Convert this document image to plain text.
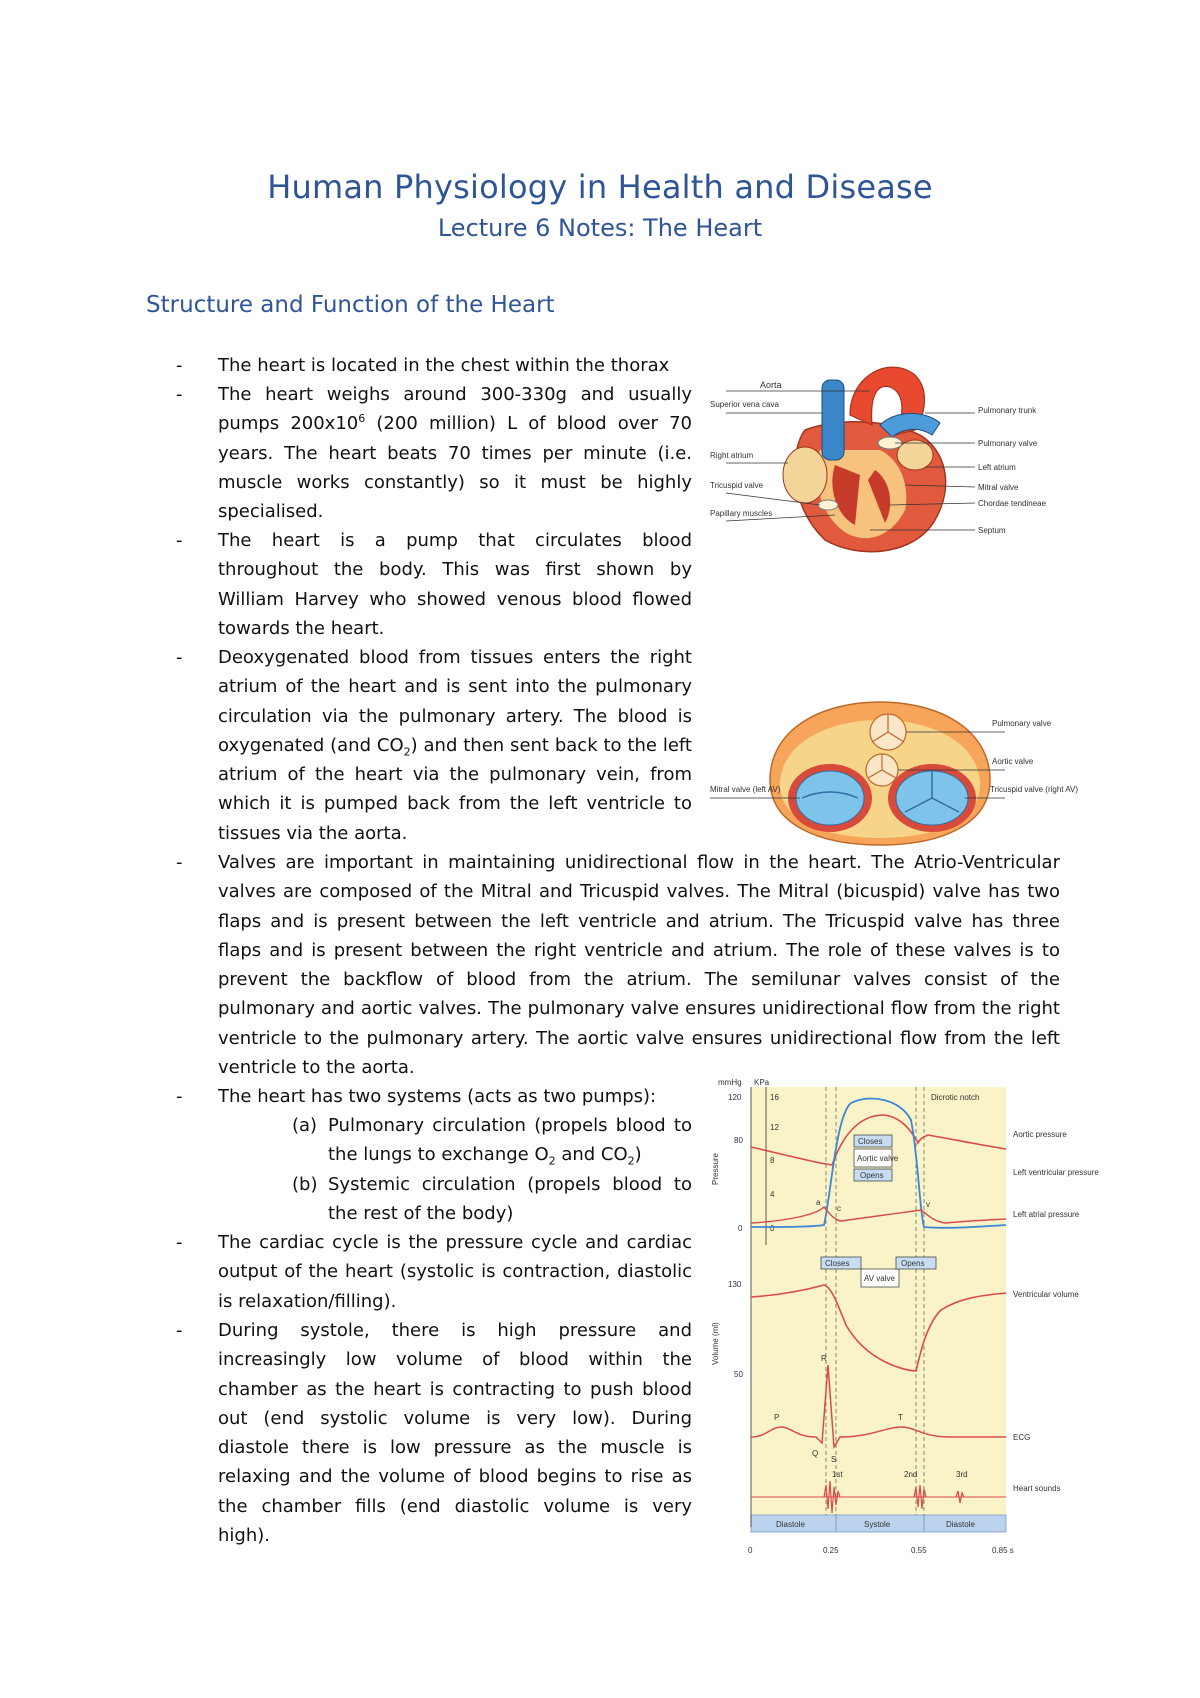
Human Physiology in Health and Disease
Lecture 6 Notes: The Heart
Structure and Function of the Heart
- The heart is located in the chest within the thorax
- The heart weighs around 300-330g and usually pumps $200x10^6$ (200 million) L of blood over 70 years. The heart beats 70 times per minute (i.e. muscle works constantly) so it must be highly specialised.
- The heart is a pump that circulates blood throughout the body. This was first shown by William Harvey who showed venous blood flowed towards the heart.
- Deoxygenated blood from tissues enters the right atrium of the heart and is sent into the pulmonary circulation via the pulmonary artery. The blood is oxygenated (and $CO_2$) and then sent back to the left atrium of the heart via the pulmonary vein, from which it is pumped back from the left ventricle to tissues via the aorta.
- Valves are important in maintaining unidirectional flow in the heart. The Atrio-Ventricular valves are composed of the Mitral and Tricuspid valves. The Mitral (bicuspid) valve has two flaps and is present between the left ventricle and atrium. The Tricuspid valve has three flaps and is present between the right ventricle and atrium. The role of these valves is to prevent the backflow of blood from the atrium. The semilunar valves consist of the pulmonary and aortic valves. The pulmonary valve ensures unidirectional flow from the right ventricle to the pulmonary artery. The aortic valve ensures unidirectional flow from the left ventricle to the aorta.
- The heart has two systems (acts as two pumps):
(a) Pulmonary circulation (propels blood to the lungs to exchange $O_2$ and $CO_2$)
(b) Systemic circulation (propels blood to the rest of the body)
- The cardiac cycle is the pressure cycle and cardiac output of the heart (systolic is contraction, diastolic is relaxation/filling).
- During systole, there is high pressure and increasingly low volume of blood within the chamber as the heart is contracting to push blood out (end systolic volume is very low). During diastole there is low pressure as the muscle is relaxing and the volume of blood begins to rise as the chamber fills (end diastolic volume is very high).
Aorta
Superior vena cava
Right atrium
Tricuspid valve
Papillary muscles
Pulmonary trunk
Pulmonary valve
Left atrium
Mitral valve
Chordae tendineae
Septum
Pulmonary valve
Aortic valve
Mitral valve (left AV)	Tricuspid valve (right AV)
mmHg KPa
120
80
0
16
12
8
4
0
Pressure
130
50
Volume (ml)
a
c	v
Closes
Aortic valve
Opens
Dicrotic notch
Closes
AV valve
Opens
P
Q
R
S
T
1st	2nd	3rd
Diastole	Systole	Diastole
0	0.25	0.55	0.85 s
Aortic pressure
Left ventricular pressure
Left atrial pressure
Ventricular volume
ECG
Heart sounds
